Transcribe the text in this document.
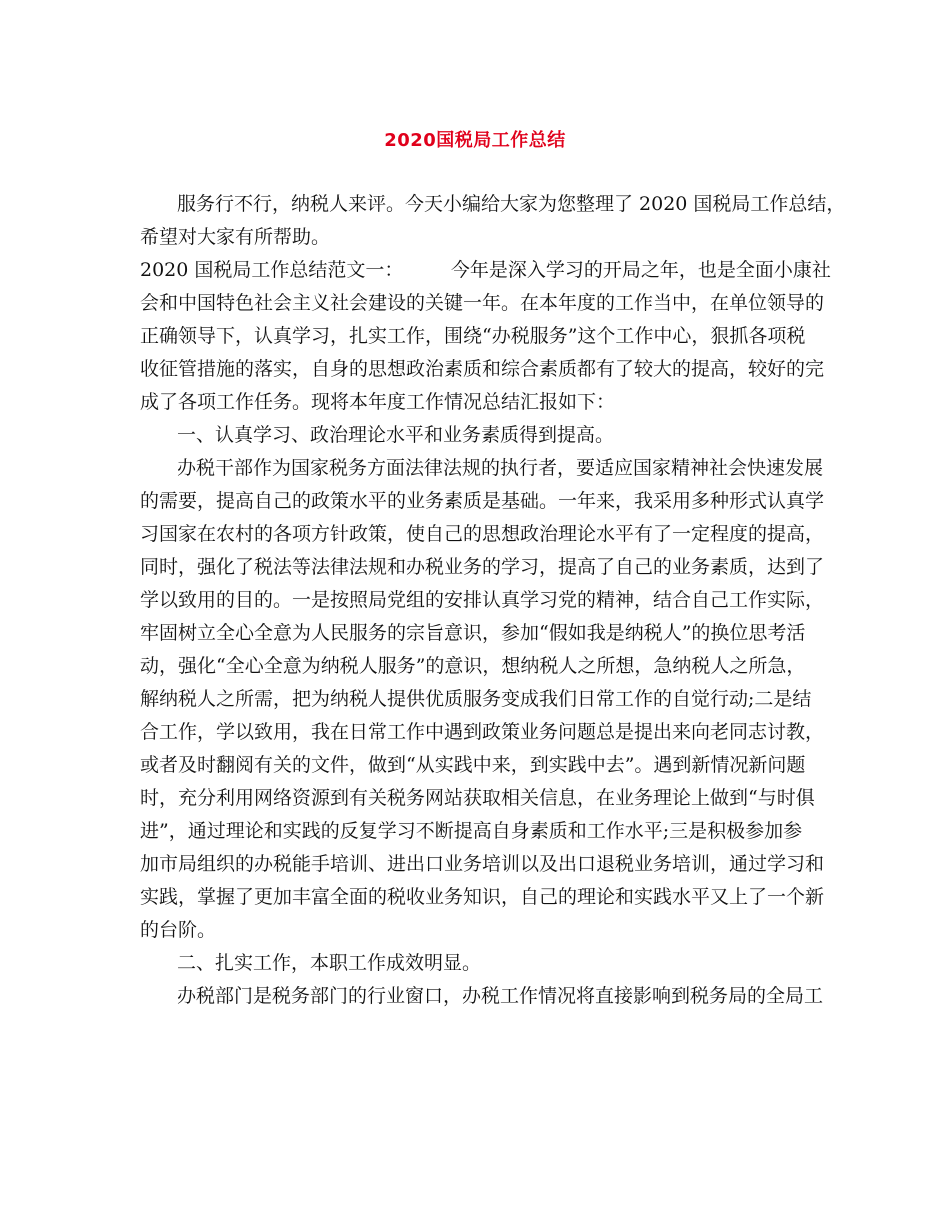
2020国税局工作总结
服务行不行，纳税人来评。今天小编给大家为您整理了 2020 国税局工作总结，
希望对大家有所帮助。
2020 国税局工作总结范文一：　　　今年是深入学习的开局之年，也是全面小康社
会和中国特色社会主义社会建设的关键一年。在本年度的工作当中，在单位领导的
正确领导下，认真学习，扎实工作，围绕“办税服务”这个工作中心，狠抓各项税
收征管措施的落实，自身的思想政治素质和综合素质都有了较大的提高，较好的完
成了各项工作任务。现将本年度工作情况总结汇报如下：
一、认真学习、政治理论水平和业务素质得到提高。
办税干部作为国家税务方面法律法规的执行者，要适应国家精神社会快速发展
的需要，提高自己的政策水平的业务素质是基础。一年来，我采用多种形式认真学
习国家在农村的各项方针政策，使自己的思想政治理论水平有了一定程度的提高，
同时，强化了税法等法律法规和办税业务的学习，提高了自己的业务素质，达到了
学以致用的目的。一是按照局党组的安排认真学习党的精神，结合自己工作实际，
牢固树立全心全意为人民服务的宗旨意识，参加“假如我是纳税人”的换位思考活
动，强化“全心全意为纳税人服务”的意识，想纳税人之所想，急纳税人之所急，
解纳税人之所需，把为纳税人提供优质服务变成我们日常工作的自觉行动;二是结
合工作，学以致用，我在日常工作中遇到政策业务问题总是提出来向老同志讨教，
或者及时翻阅有关的文件，做到“从实践中来，到实践中去”。遇到新情况新问题
时，充分利用网络资源到有关税务网站获取相关信息，在业务理论上做到“与时俱
进”，通过理论和实践的反复学习不断提高自身素质和工作水平;三是积极参加参
加市局组织的办税能手培训、进出口业务培训以及出口退税业务培训，通过学习和
实践，掌握了更加丰富全面的税收业务知识，自己的理论和实践水平又上了一个新
的台阶。
二、扎实工作，本职工作成效明显。
办税部门是税务部门的行业窗口，办税工作情况将直接影响到税务局的全局工
